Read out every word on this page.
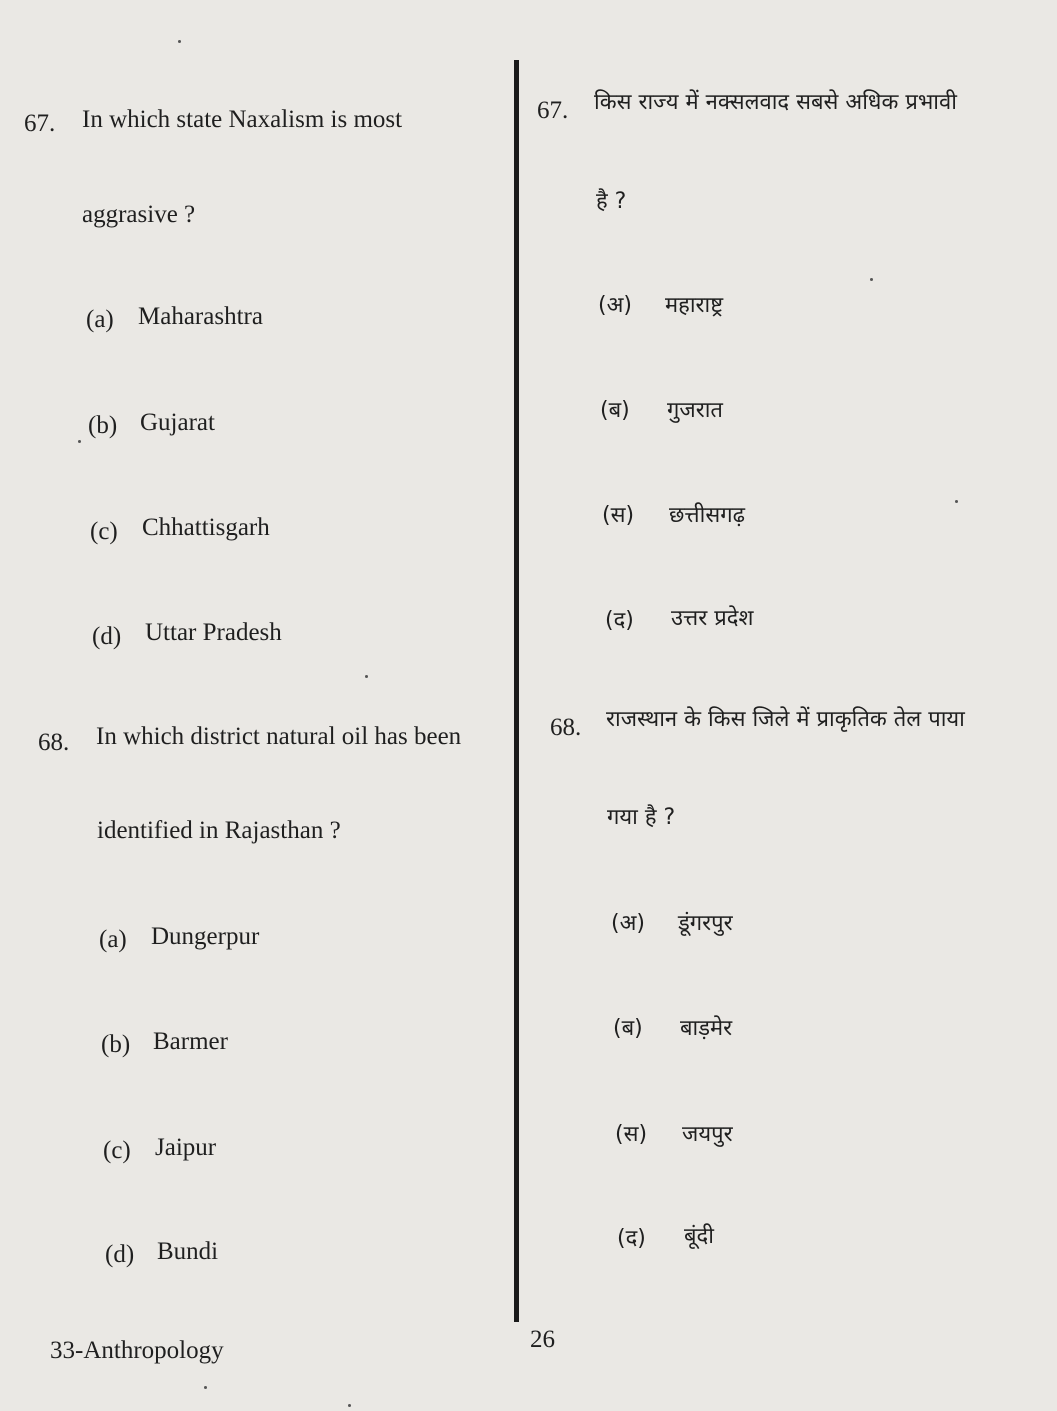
67. In which state Naxalism is most
aggrasive ?
(a) Maharashtra
(b) Gujarat
(c) Chhattisgarh
(d) Uttar Pradesh
68. In which district natural oil has been
identified in Rajasthan ?
(a) Dungerpur
(b) Barmer
(c) Jaipur
(d) Bundi
67. किस राज्य में नक्सलवाद सबसे अधिक प्रभावी
है ?
(अ) महाराष्ट्र
(ब) गुजरात
(स) छत्तीसगढ़
(द) उत्तर प्रदेश
68. राजस्थान के किस जिले में प्राकृतिक तेल पाया
गया है ?
(अ) डूंगरपुर
(ब) बाड़मेर
(स) जयपुर
(द) बूंदी
33-Anthropology	26
